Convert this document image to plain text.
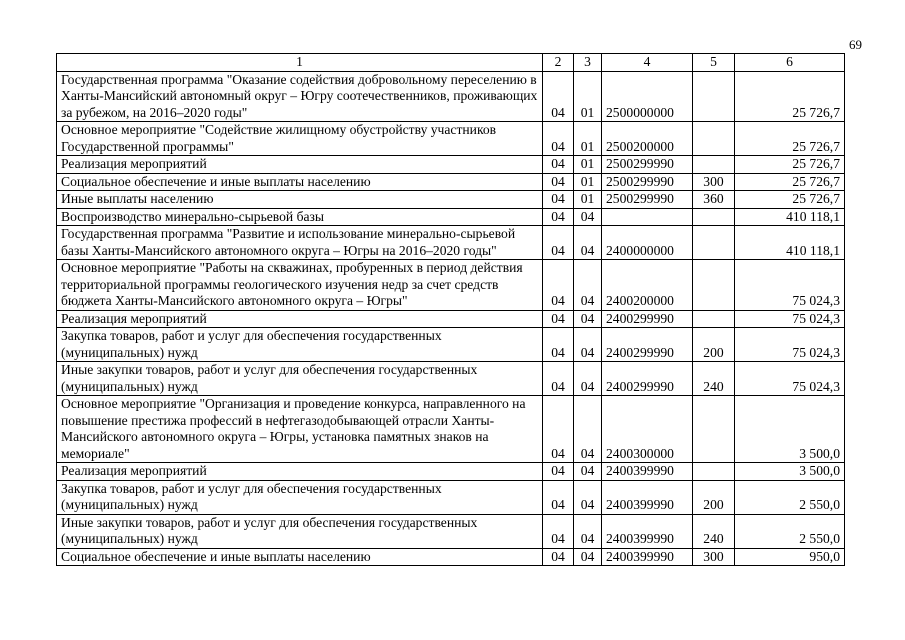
69
1	2	3	4	5	6
Государственная программа "Оказание содействия добровольному переселению в Ханты-Мансийский автономный округ – Югру соотечественников, проживающих за рубежом, на 2016–2020 годы"	04	01	2500000000		25 726,7
Основное мероприятие "Содействие жилищному обустройству участников Государственной программы"	04	01	2500200000		25 726,7
Реализация мероприятий	04	01	2500299990		25 726,7
Социальное обеспечение и иные выплаты населению	04	01	2500299990	300	25 726,7
Иные выплаты населению	04	01	2500299990	360	25 726,7
Воспроизводство минерально-сырьевой базы	04	04			410 118,1
Государственная программа "Развитие и использование минерально-сырьевой базы Ханты-Мансийского автономного округа – Югры на 2016–2020 годы"	04	04	2400000000		410 118,1
Основное мероприятие "Работы на скважинах, пробуренных в период действия территориальной программы геологического изучения недр за счет средств бюджета Ханты-Мансийского автономного округа – Югры"	04	04	2400200000		75 024,3
Реализация мероприятий	04	04	2400299990		75 024,3
Закупка товаров, работ и услуг для обеспечения государственных (муниципальных) нужд	04	04	2400299990	200	75 024,3
Иные закупки товаров, работ и услуг для обеспечения государственных (муниципальных) нужд	04	04	2400299990	240	75 024,3
Основное мероприятие "Организация и проведение конкурса, направленного на повышение престижа профессий в нефтегазодобывающей отрасли Ханты-Мансийского автономного округа – Югры, установка памятных знаков на мемориале"	04	04	2400300000		3 500,0
Реализация мероприятий	04	04	2400399990		3 500,0
Закупка товаров, работ и услуг для обеспечения государственных (муниципальных) нужд	04	04	2400399990	200	2 550,0
Иные закупки товаров, работ и услуг для обеспечения государственных (муниципальных) нужд	04	04	2400399990	240	2 550,0
Социальное обеспечение и иные выплаты населению	04	04	2400399990	300	950,0
